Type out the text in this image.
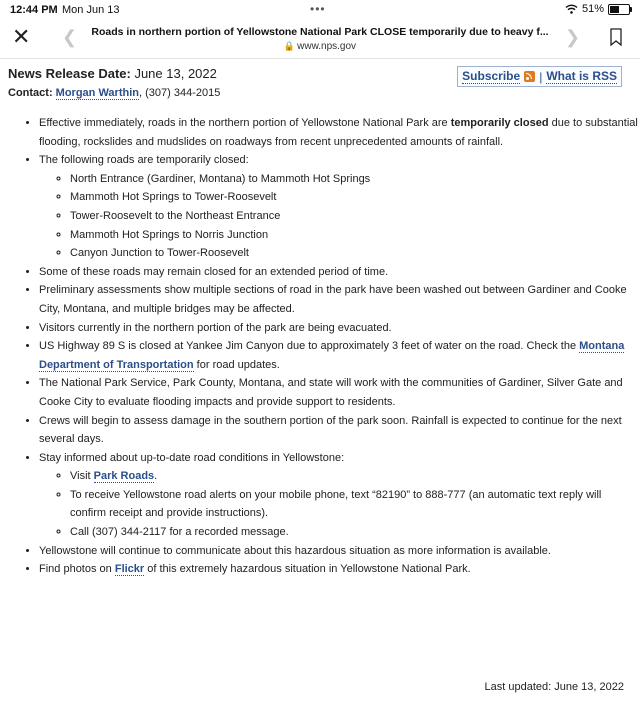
12:44 PM Mon Jun 13	•••	51%
✕ ❮ Roads in northern portion of Yellowstone National Park CLOSE temporarily due to heavy f...
🔒 www.nps.gov	❯
News Release Date: June 13, 2022
Contact: Morgan Warthin, (307) 344-2015
Subscribe | What is RSS
• Effective immediately, roads in the northern portion of Yellowstone National Park are temporarily closed due to substantial flooding, rockslides and mudslides on roadways from recent unprecedented amounts of rainfall.
• The following roads are temporarily closed:
◦ North Entrance (Gardiner, Montana) to Mammoth Hot Springs
◦ Mammoth Hot Springs to Tower-Roosevelt
◦ Tower-Roosevelt to the Northeast Entrance
◦ Mammoth Hot Springs to Norris Junction
◦ Canyon Junction to Tower-Roosevelt
• Some of these roads may remain closed for an extended period of time.
• Preliminary assessments show multiple sections of road in the park have been washed out between Gardiner and Cooke City, Montana, and multiple bridges may be affected.
• Visitors currently in the northern portion of the park are being evacuated.
• US Highway 89 S is closed at Yankee Jim Canyon due to approximately 3 feet of water on the road. Check the Montana Department of Transportation for road updates.
• The National Park Service, Park County, Montana, and state will work with the communities of Gardiner, Silver Gate and Cooke City to evaluate flooding impacts and provide support to residents.
• Crews will begin to assess damage in the southern portion of the park soon. Rainfall is expected to continue for the next several days.
• Stay informed about up-to-date road conditions in Yellowstone:
◦ Visit Park Roads.
◦ To receive Yellowstone road alerts on your mobile phone, text “82190” to 888-777 (an automatic text reply will confirm receipt and provide instructions).
◦ Call (307) 344-2117 for a recorded message.
• Yellowstone will continue to communicate about this hazardous situation as more information is available.
• Find photos on Flickr of this extremely hazardous situation in Yellowstone National Park.
Last updated: June 13, 2022
